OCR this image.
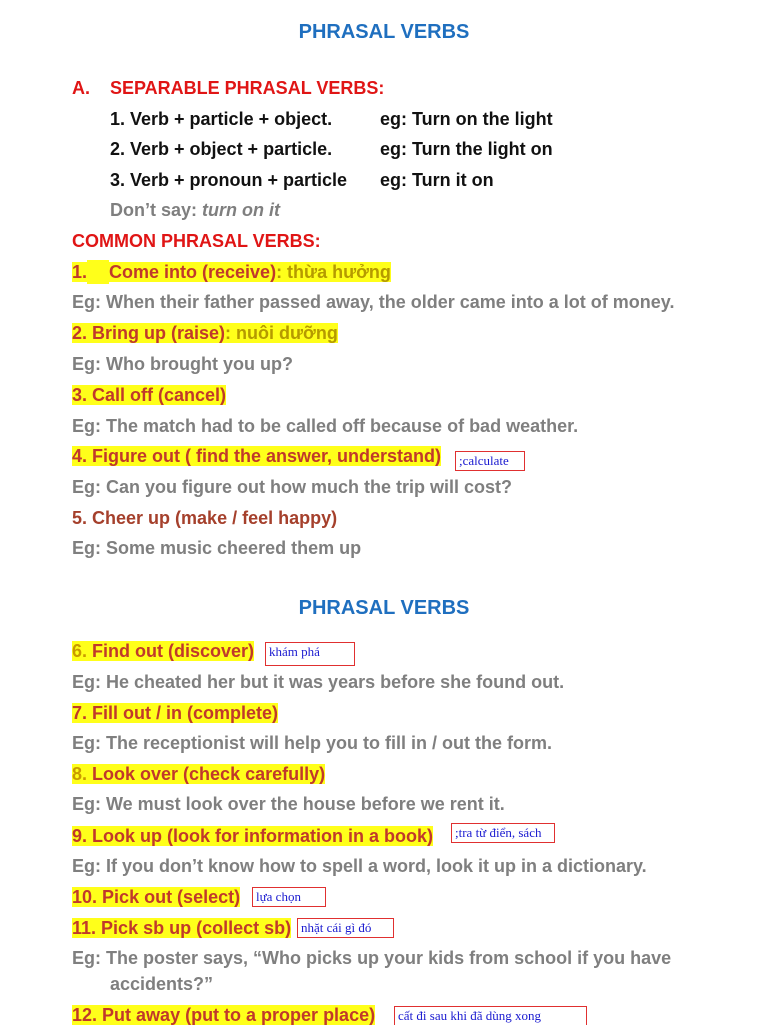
PHRASAL VERBS
A. SEPARABLE PHRASAL VERBS:
1. Verb + particle + object.	eg: Turn on the light
2. Verb + object + particle.	eg: Turn the light on
3. Verb + pronoun + particle eg: Turn it on
Don’t say: turn on it
COMMON PHRASAL VERBS:
1. Come into (receive): thừa hưởng
Eg: When their father passed away, the older came into a lot of money.
2. Bring up (raise): nuôi dưỡng
Eg: Who brought you up?
3. Call off (cancel)
Eg: The match had to be called off because of bad weather.
4. Figure out ( find the answer, understand)	;calculate
Eg: Can you figure out how much the trip will cost?
5. Cheer up (make / feel happy)
Eg: Some music cheered them up
PHRASAL VERBS
6. Find out (discover)	khám phá
Eg: He cheated her but it was years before she found out.
7. Fill out / in (complete)
Eg: The receptionist will help you to fill in / out the form.
8. Look over (check carefully)
Eg: We must look over the house before we rent it.
9. Look up (look for information in a book)	;tra từ điển, sách
Eg: If you don’t know how to spell a word, look it up in a dictionary.
10. Pick out (select)	lựa chọn
11. Pick sb up (collect sb) nhặt cái gì đó
Eg: The poster says, “Who picks up your kids from school if you have
accidents?”
12. Put away (put to a proper place)	cất đi sau khi đã dùng xong
